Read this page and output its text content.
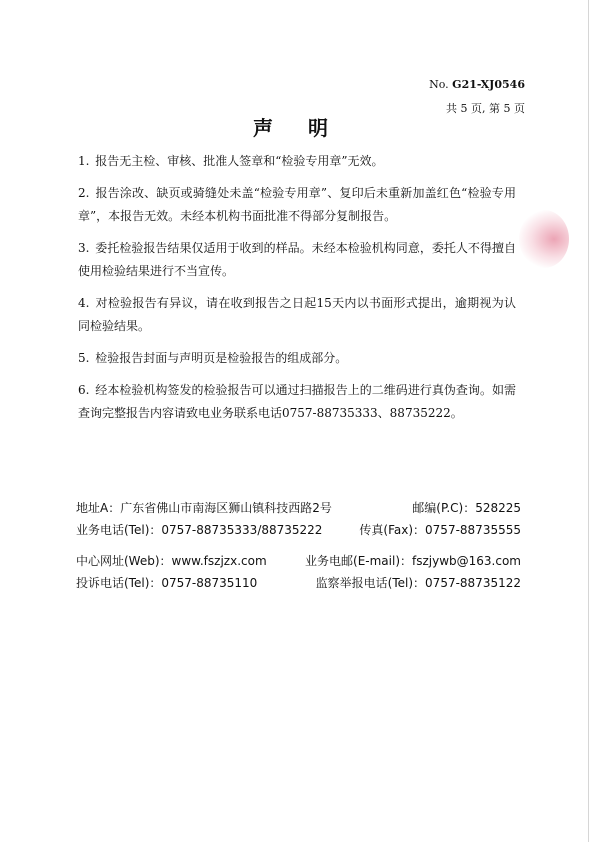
No. G21-XJ0546
共 5 页, 第 5 页
声 明
1. 报告无主检、审核、批准人签章和“检验专用章”无效。
2. 报告涂改、缺页或骑缝处未盖“检验专用章”、复印后未重新加盖红色“检验专用章”，本报告无效。未经本机构书面批准不得部分复制报告。
3. 委托检验报告结果仅适用于收到的样品。未经本检验机构同意，委托人不得擅自使用检验结果进行不当宣传。
4. 对检验报告有异议，请在收到报告之日起15天内以书面形式提出，逾期视为认同检验结果。
5. 检验报告封面与声明页是检验报告的组成部分。
6. 经本检验机构签发的检验报告可以通过扫描报告上的二维码进行真伪查询。如需查询完整报告内容请致电业务联系电话0757-88735333、88735222。
地址A：广东省佛山市南海区狮山镇科技西路2号	邮编(P.C)：528225
业务电话(Tel)：0757-88735333/88735222	传真(Fax)：0757-88735555
中心网址(Web)：www.fszjzx.com	业务电邮(E-mail)：fszjywb@163.com
投诉电话(Tel)：0757-88735110	监察举报电话(Tel)：0757-88735122
